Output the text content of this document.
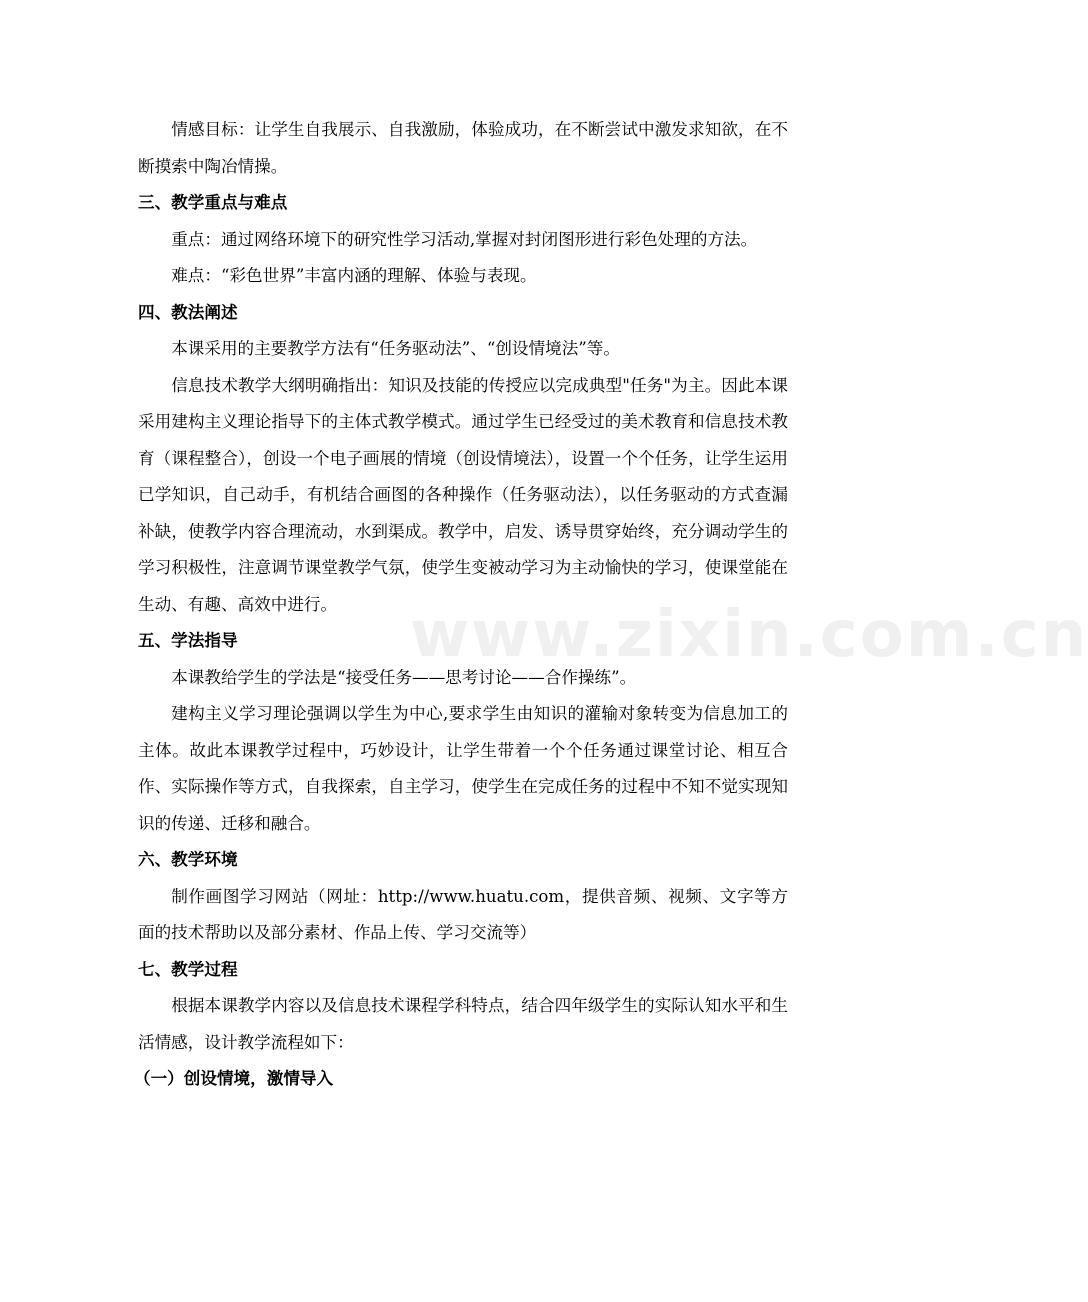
www.zixin.com.cn

情感目标：让学生自我展示、自我激励，体验成功，在不断尝试中激发求知欲，在不断摸索中陶冶情操。

三、教学重点与难点

重点：通过网络环境下的研究性学习活动,掌握对封闭图形进行彩色处理的方法。

难点：“彩色世界”丰富内涵的理解、体验与表现。

四、教法阐述

本课采用的主要教学方法有“任务驱动法”、“创设情境法”等。

信息技术教学大纲明确指出：知识及技能的传授应以完成典型"任务"为主。因此本课采用建构主义理论指导下的主体式教学模式。通过学生已经受过的美术教育和信息技术教育（课程整合），创设一个电子画展的情境（创设情境法），设置一个个任务，让学生运用已学知识，自己动手，有机结合画图的各种操作（任务驱动法），以任务驱动的方式查漏补缺，使教学内容合理流动，水到渠成。教学中，启发、诱导贯穿始终，充分调动学生的学习积极性，注意调节课堂教学气氛，使学生变被动学习为主动愉快的学习，使课堂能在生动、有趣、高效中进行。

五、学法指导

本课教给学生的学法是“接受任务——思考讨论——合作操练”。

建构主义学习理论强调以学生为中心,要求学生由知识的灌输对象转变为信息加工的主体。故此本课教学过程中，巧妙设计，让学生带着一个个任务通过课堂讨论、相互合作、实际操作等方式，自我探索，自主学习，使学生在完成任务的过程中不知不觉实现知识的传递、迁移和融合。

六、教学环境

制作画图学习网站（网址：http://www.huatu.com，提供音频、视频、文字等方面的技术帮助以及部分素材、作品上传、学习交流等）

七、教学过程

根据本课教学内容以及信息技术课程学科特点，结合四年级学生的实际认知水平和生活情感，设计教学流程如下：

（一）创设情境，激情导入
